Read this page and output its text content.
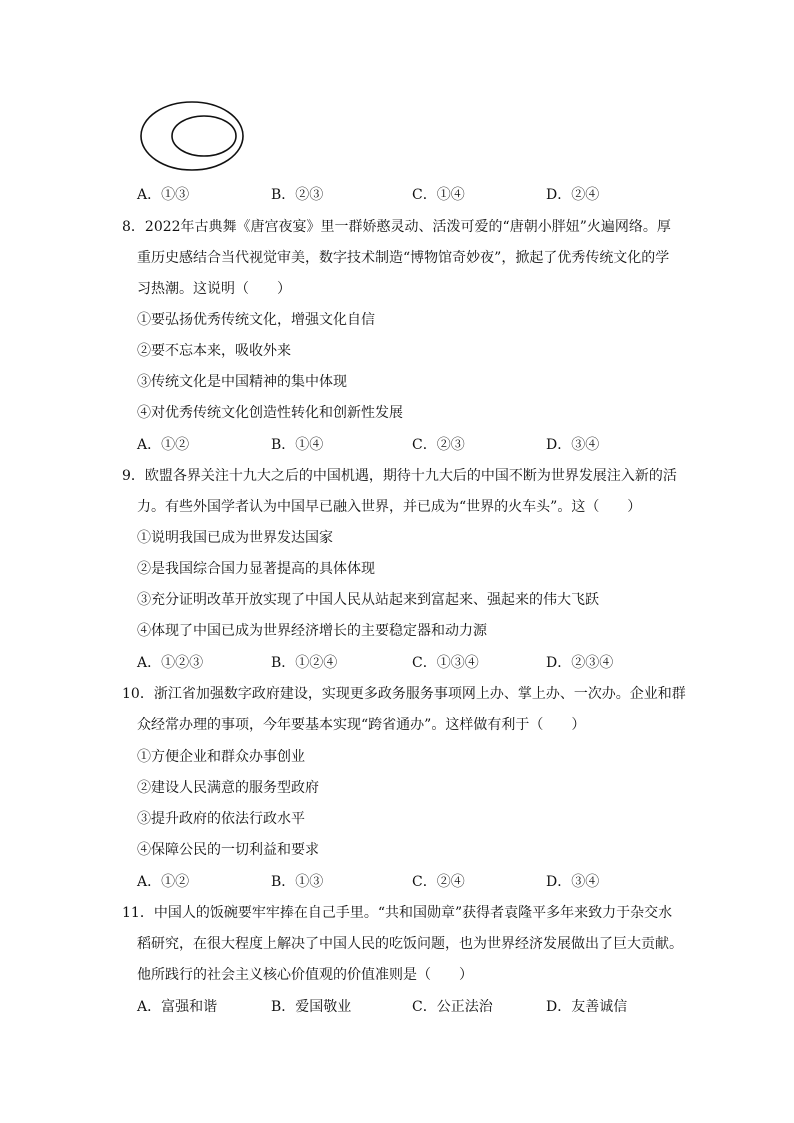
A．①③	B．②③	C．①④	D．②④
8．2022年古典舞《唐宫夜宴》里一群娇憨灵动、活泼可爱的“唐朝小胖妞”火遍网络。厚
重历史感结合当代视觉审美，数字技术制造“博物馆奇妙夜”，掀起了优秀传统文化的学
习热潮。这说明（　　）
①要弘扬优秀传统文化，增强文化自信
②要不忘本来，吸收外来
③传统文化是中国精神的集中体现
④对优秀传统文化创造性转化和创新性发展
A．①②	B．①④	C．②③	D．③④
9．欧盟各界关注十九大之后的中国机遇，期待十九大后的中国不断为世界发展注入新的活
力。有些外国学者认为中国早已融入世界，并已成为“世界的火车头”。这（　　）
①说明我国已成为世界发达国家
②是我国综合国力显著提高的具体体现
③充分证明改革开放实现了中国人民从站起来到富起来、强起来的伟大飞跃
④体现了中国已成为世界经济增长的主要稳定器和动力源
A．①②③	B．①②④	C．①③④	D．②③④
10．浙江省加强数字政府建设，实现更多政务服务事项网上办、掌上办、一次办。企业和群
众经常办理的事项，今年要基本实现“跨省通办”。这样做有利于（　　）
①方便企业和群众办事创业
②建设人民满意的服务型政府
③提升政府的依法行政水平
④保障公民的一切利益和要求
A．①②	B．①③	C．②④	D．③④
11．中国人的饭碗要牢牢捧在自己手里。“共和国勋章”获得者袁隆平多年来致力于杂交水
稻研究，在很大程度上解决了中国人民的吃饭问题，也为世界经济发展做出了巨大贡献。
他所践行的社会主义核心价值观的价值准则是（　　）
A．富强和谐	B．爱国敬业	C．公正法治	D．友善诚信
